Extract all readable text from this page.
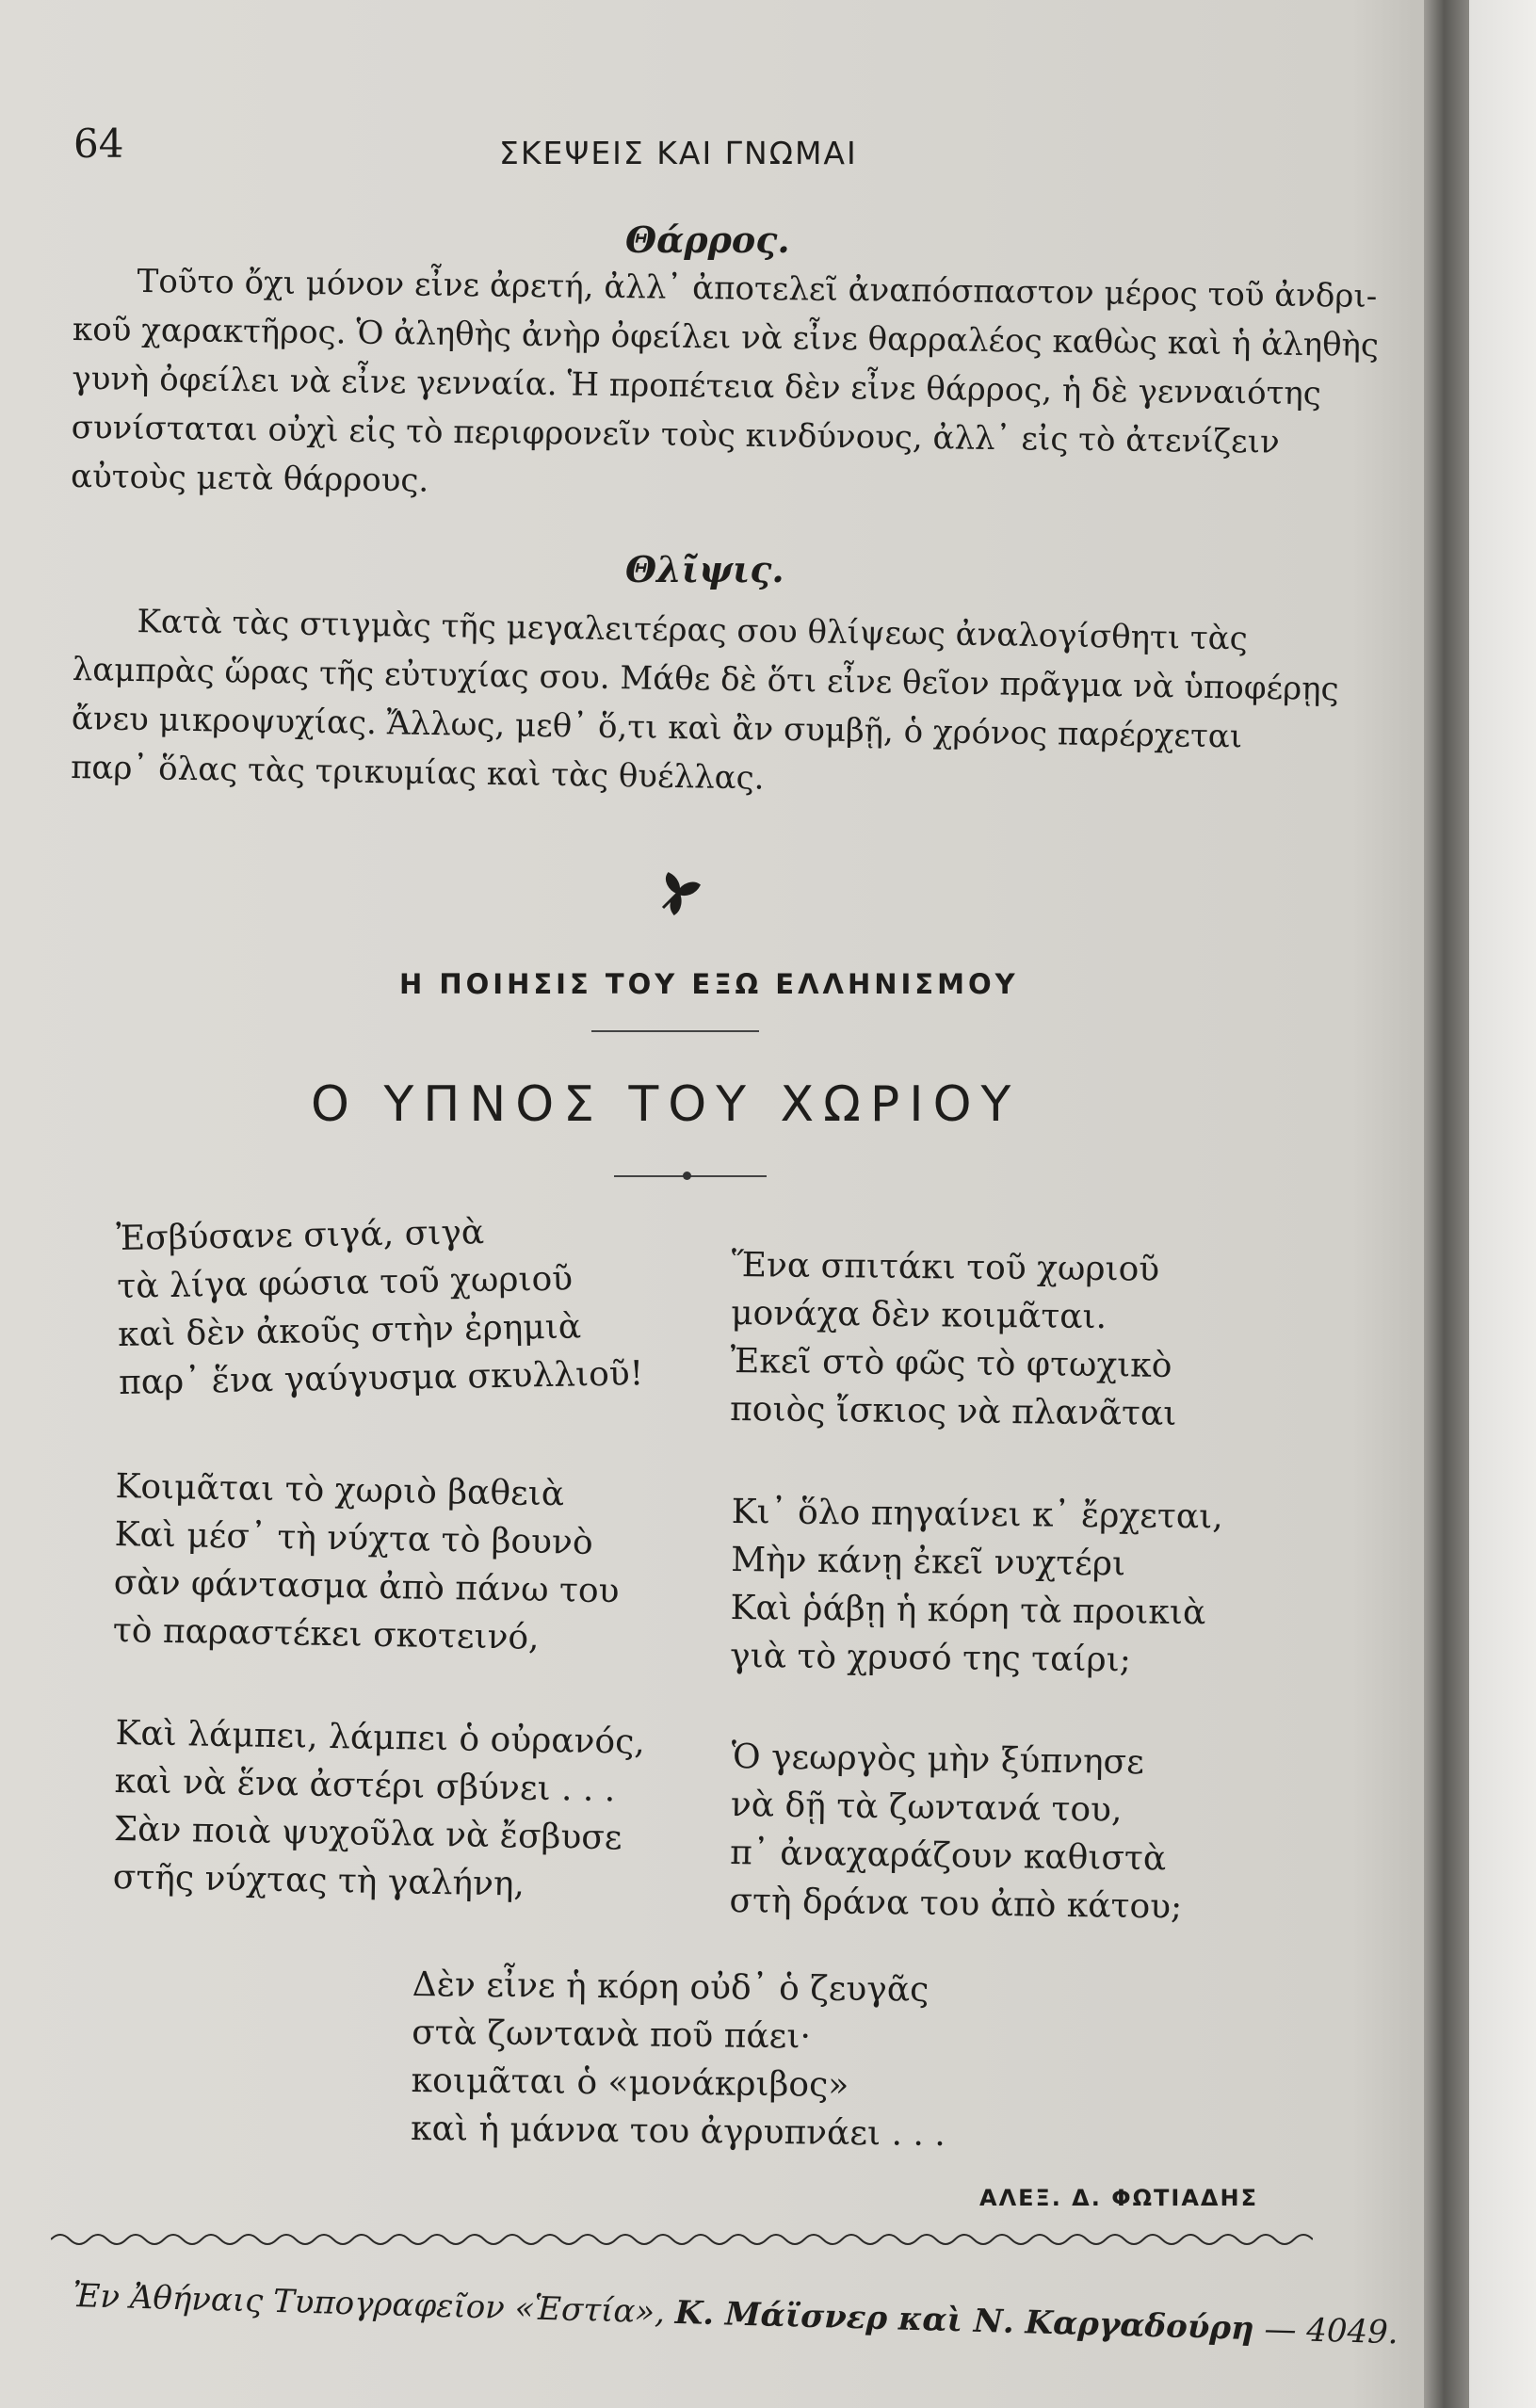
64	ΣΚΕΨΕΙΣ ΚΑΙ ΓΝΩΜΑΙ
Θάρρος.

Τοῦτο ὄχι μόνον εἶνε ἀρετή, ἀλλ᾽ ἀποτελεῖ ἀναπόσπαστον μέρος τοῦ ἀνδρι-

κοῦ χαρακτῆρος. Ὁ ἀληθὴς ἀνὴρ ὀφείλει νὰ εἶνε θαρραλέος καθὼς καὶ ἡ ἀληθὴς

γυνὴ ὀφείλει νὰ εἶνε γενναία. Ἡ προπέτεια δὲν εἶνε θάρρος, ἡ δὲ γενναιότης

συνίσταται οὐχὶ εἰς τὸ περιφρονεῖν τοὺς κινδύνους, ἀλλ᾽ εἰς τὸ ἀτενίζειν

αὐτοὺς μετὰ θάρρους.

Θλῖψις.

Κατὰ τὰς στιγμὰς τῆς μεγαλειτέρας σου θλίψεως ἀναλογίσθητι τὰς

λαμπρὰς ὥρας τῆς εὐτυχίας σου. Μάθε δὲ ὅτι εἶνε θεῖον πρᾶγμα νὰ ὑποφέρῃς

ἄνευ μικροψυχίας. Ἄλλως, μεθ᾽ ὅ,τι καὶ ἂν συμβῇ, ὁ χρόνος παρέρχεται

παρ᾽ ὅλας τὰς τρικυμίας καὶ τὰς θυέλλας.

Η ΠΟΙΗΣΙΣ ΤΟΥ ΕΞΩ ΕΛΛΗΝΙΣΜΟΥ
Ο ΥΠΝΟΣ ΤΟΥ ΧΩΡΙΟΥ
Ἐσβύσανε σιγά, σιγὰ
τὰ λίγα φώσια τοῦ χωριοῦ
καὶ δὲν ἀκοῦς στὴν ἐρημιὰ
παρ᾽ ἕνα γαύγυσμα σκυλλιοῦ!
Κοιμᾶται τὸ χωριὸ βαθειὰ
Καὶ μέσ᾽ τὴ νύχτα τὸ βουνὸ
σὰν φάντασμα ἀπὸ πάνω του
τὸ παραστέκει σκοτεινό,
Καὶ λάμπει, λάμπει ὁ οὐρανός,
καὶ νὰ ἕνα ἀστέρι σβύνει . . .
Σὰν ποιὰ ψυχοῦλα νὰ ἔσβυσε
στῆς νύχτας τὴ γαλήνη,
Ἕνα σπιτάκι τοῦ χωριοῦ
μονάχα δὲν κοιμᾶται.
Ἐκεῖ στὸ φῶς τὸ φτωχικὸ
ποιὸς ἴσκιος νὰ πλανᾶται
Κι᾽ ὅλο πηγαίνει κ᾽ ἔρχεται,
Μὴν κάνῃ ἐκεῖ νυχτέρι
Καὶ ῥάβῃ ἡ κόρη τὰ προικιὰ
γιὰ τὸ χρυσό της ταίρι;
Ὁ γεωργὸς μὴν ξύπνησε
νὰ δῇ τὰ ζωντανά του,
π᾽ ἀναχαράζουν καθιστὰ
στὴ δράνα του ἀπὸ κάτου;
Δὲν εἶνε ἡ κόρη οὐδ᾽ ὁ ζευγᾶς
στὰ ζωντανὰ ποῦ πάει·
κοιμᾶται ὁ «μονάκριβος»
καὶ ἡ μάννα του ἀγρυπνάει . . .
ΑΛΕΞ. Δ. ΦΩΤΙΑΔΗΣ
Ἐν Ἀθήναις Τυπογραφεῖον «Ἑστία», Κ. Μάϊσνερ καὶ Ν. Καργαδούρη — 4049.
